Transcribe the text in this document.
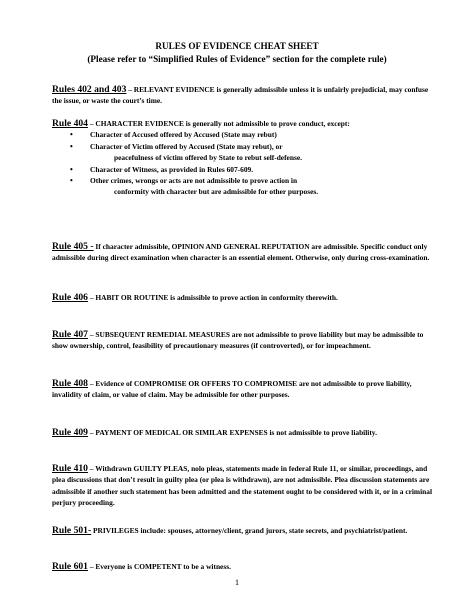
RULES OF EVIDENCE CHEAT SHEET
(Please refer to “Simplified Rules of Evidence” section for the complete rule)
Rules 402 and 403 – RELEVANT EVIDENCE is generally admissible unless it is unfairly prejudicial, may confuse the issue, or waste the court’s time.
Rule 404 – CHARACTER EVIDENCE is generally not admissible to prove conduct, except:
• Character of Accused offered by Accused (State may rebut)
• Character of Victim offered by Accused (State may rebut), or
peacefulness of victim offered by State to rebut self-defense.
• Character of Witness, as provided in Rules 607-609.
• Other crimes, wrongs or acts are not admissible to prove action in
conformity with character but are admissible for other purposes.
Rule 405 - If character admissible, OPINION AND GENERAL REPUTATION are admissible. Specific conduct only admissible during direct examination when character is an essential element. Otherwise, only during cross-examination.
Rule 406 – HABIT OR ROUTINE is admissible to prove action in conformity therewith.
Rule 407 – SUBSEQUENT REMEDIAL MEASURES are not admissible to prove liability but may be admissible to show ownership, control, feasibility of precautionary measures (if controverted), or for impeachment.
Rule 408 – Evidence of COMPROMISE OR OFFERS TO COMPROMISE are not admissible to prove liability, invalidity of claim, or value of claim. May be admissible for other purposes.
Rule 409 – PAYMENT OF MEDICAL OR SIMILAR EXPENSES is not admissible to prove liability.
Rule 410 – Withdrawn GUILTY PLEAS, nolo pleas, statements made in federal Rule 11, or similar, proceedings, and plea discussions that don’t result in guilty plea (or plea is withdrawn), are not admissible. Plea discussion statements are admissible if another such statement has been admitted and the statement ought to be considered with it, or in a criminal perjury proceeding.
Rule 501- PRIVILEGES include: spouses, attorney/client, grand jurors, state secrets, and psychiatrist/patient.
Rule 601 – Everyone is COMPETENT to be a witness.
1
